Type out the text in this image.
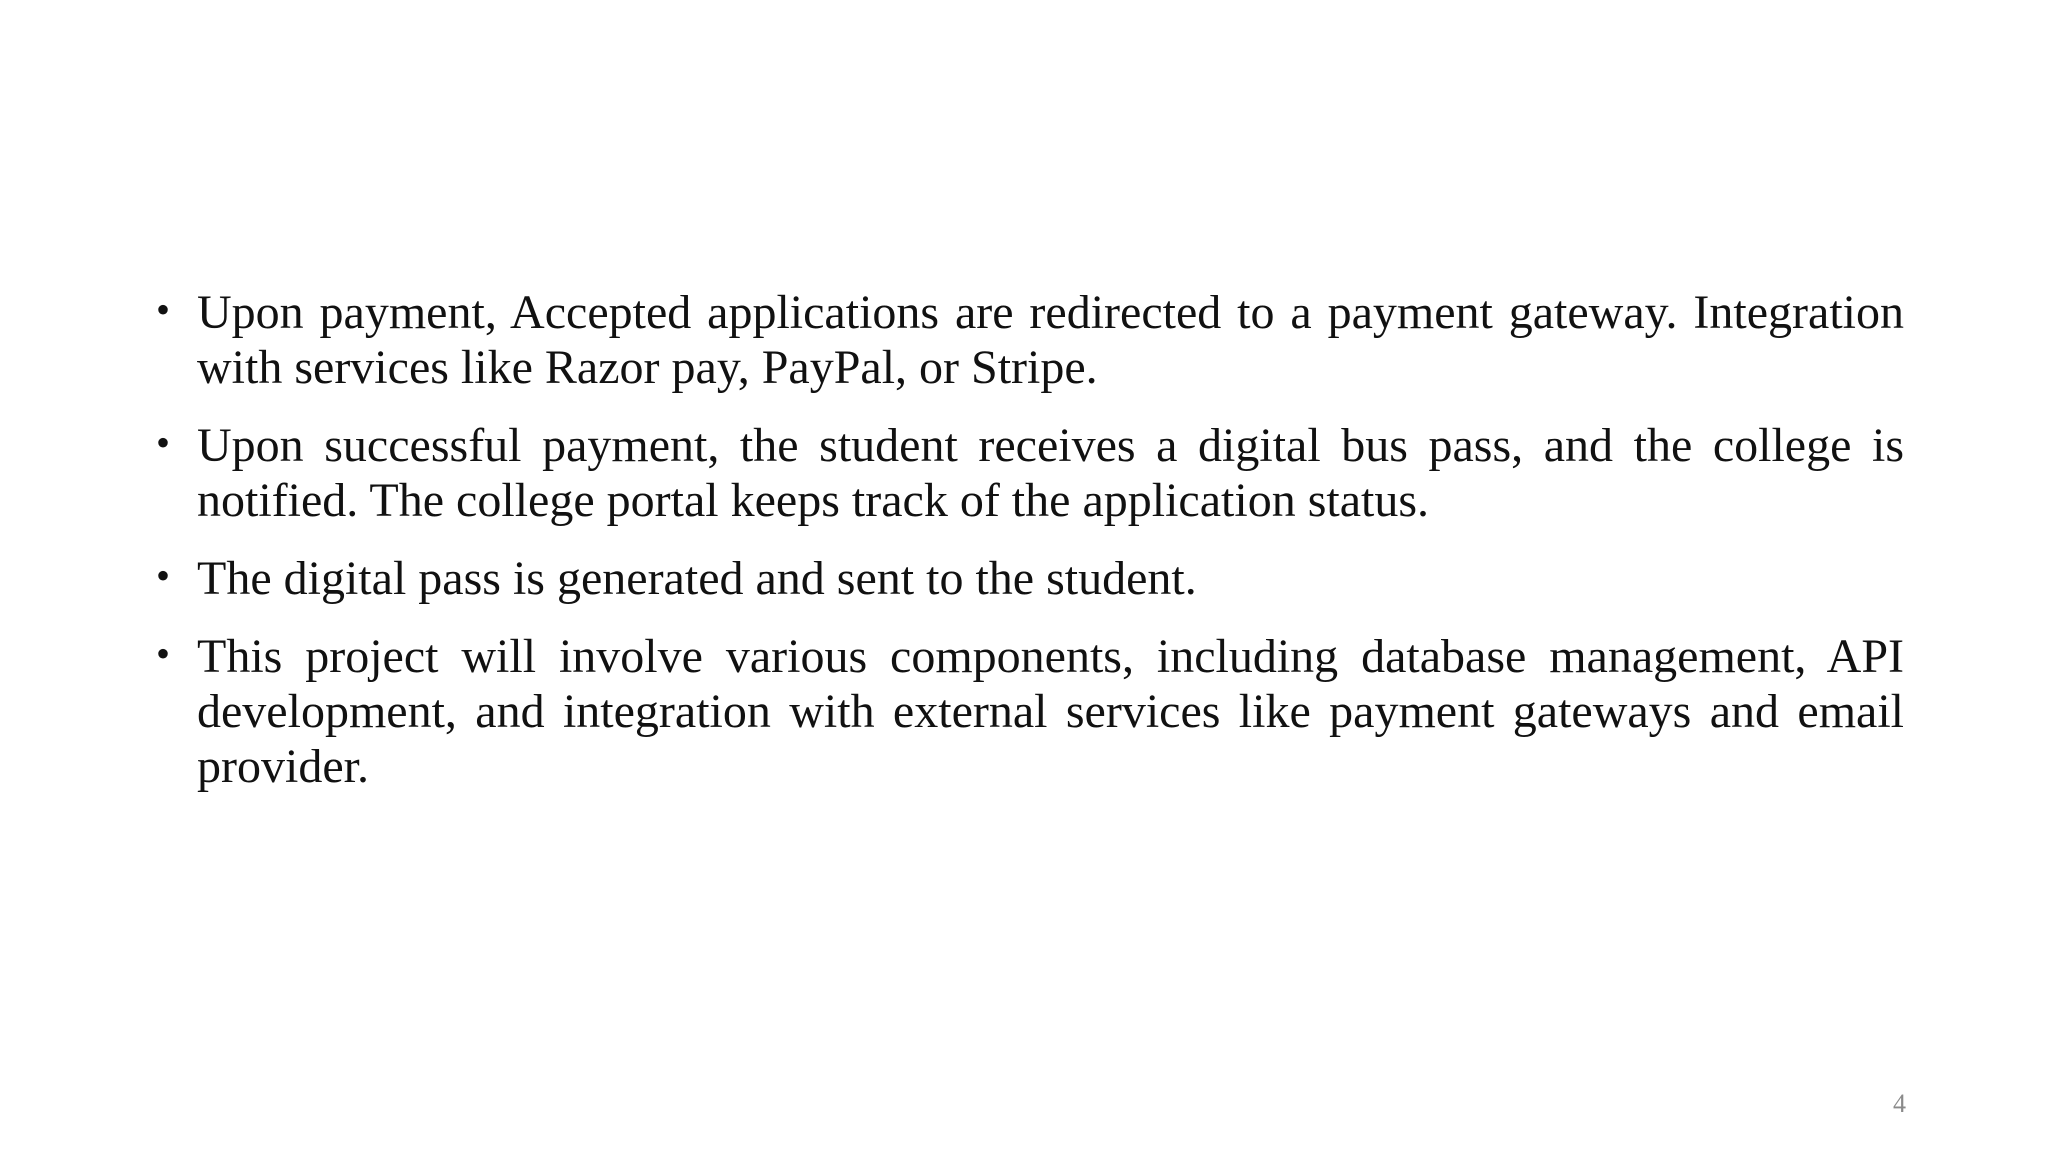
• Upon payment, Accepted applications are redirected to a payment gateway. Integration with services like Razor pay, PayPal, or Stripe.
• Upon successful payment, the student receives a digital bus pass, and the college is notified. The college portal keeps track of the application status.
• The digital pass is generated and sent to the student.
• This project will involve various components, including database management, API development, and integration with external services like payment gateways and email provider.
4
